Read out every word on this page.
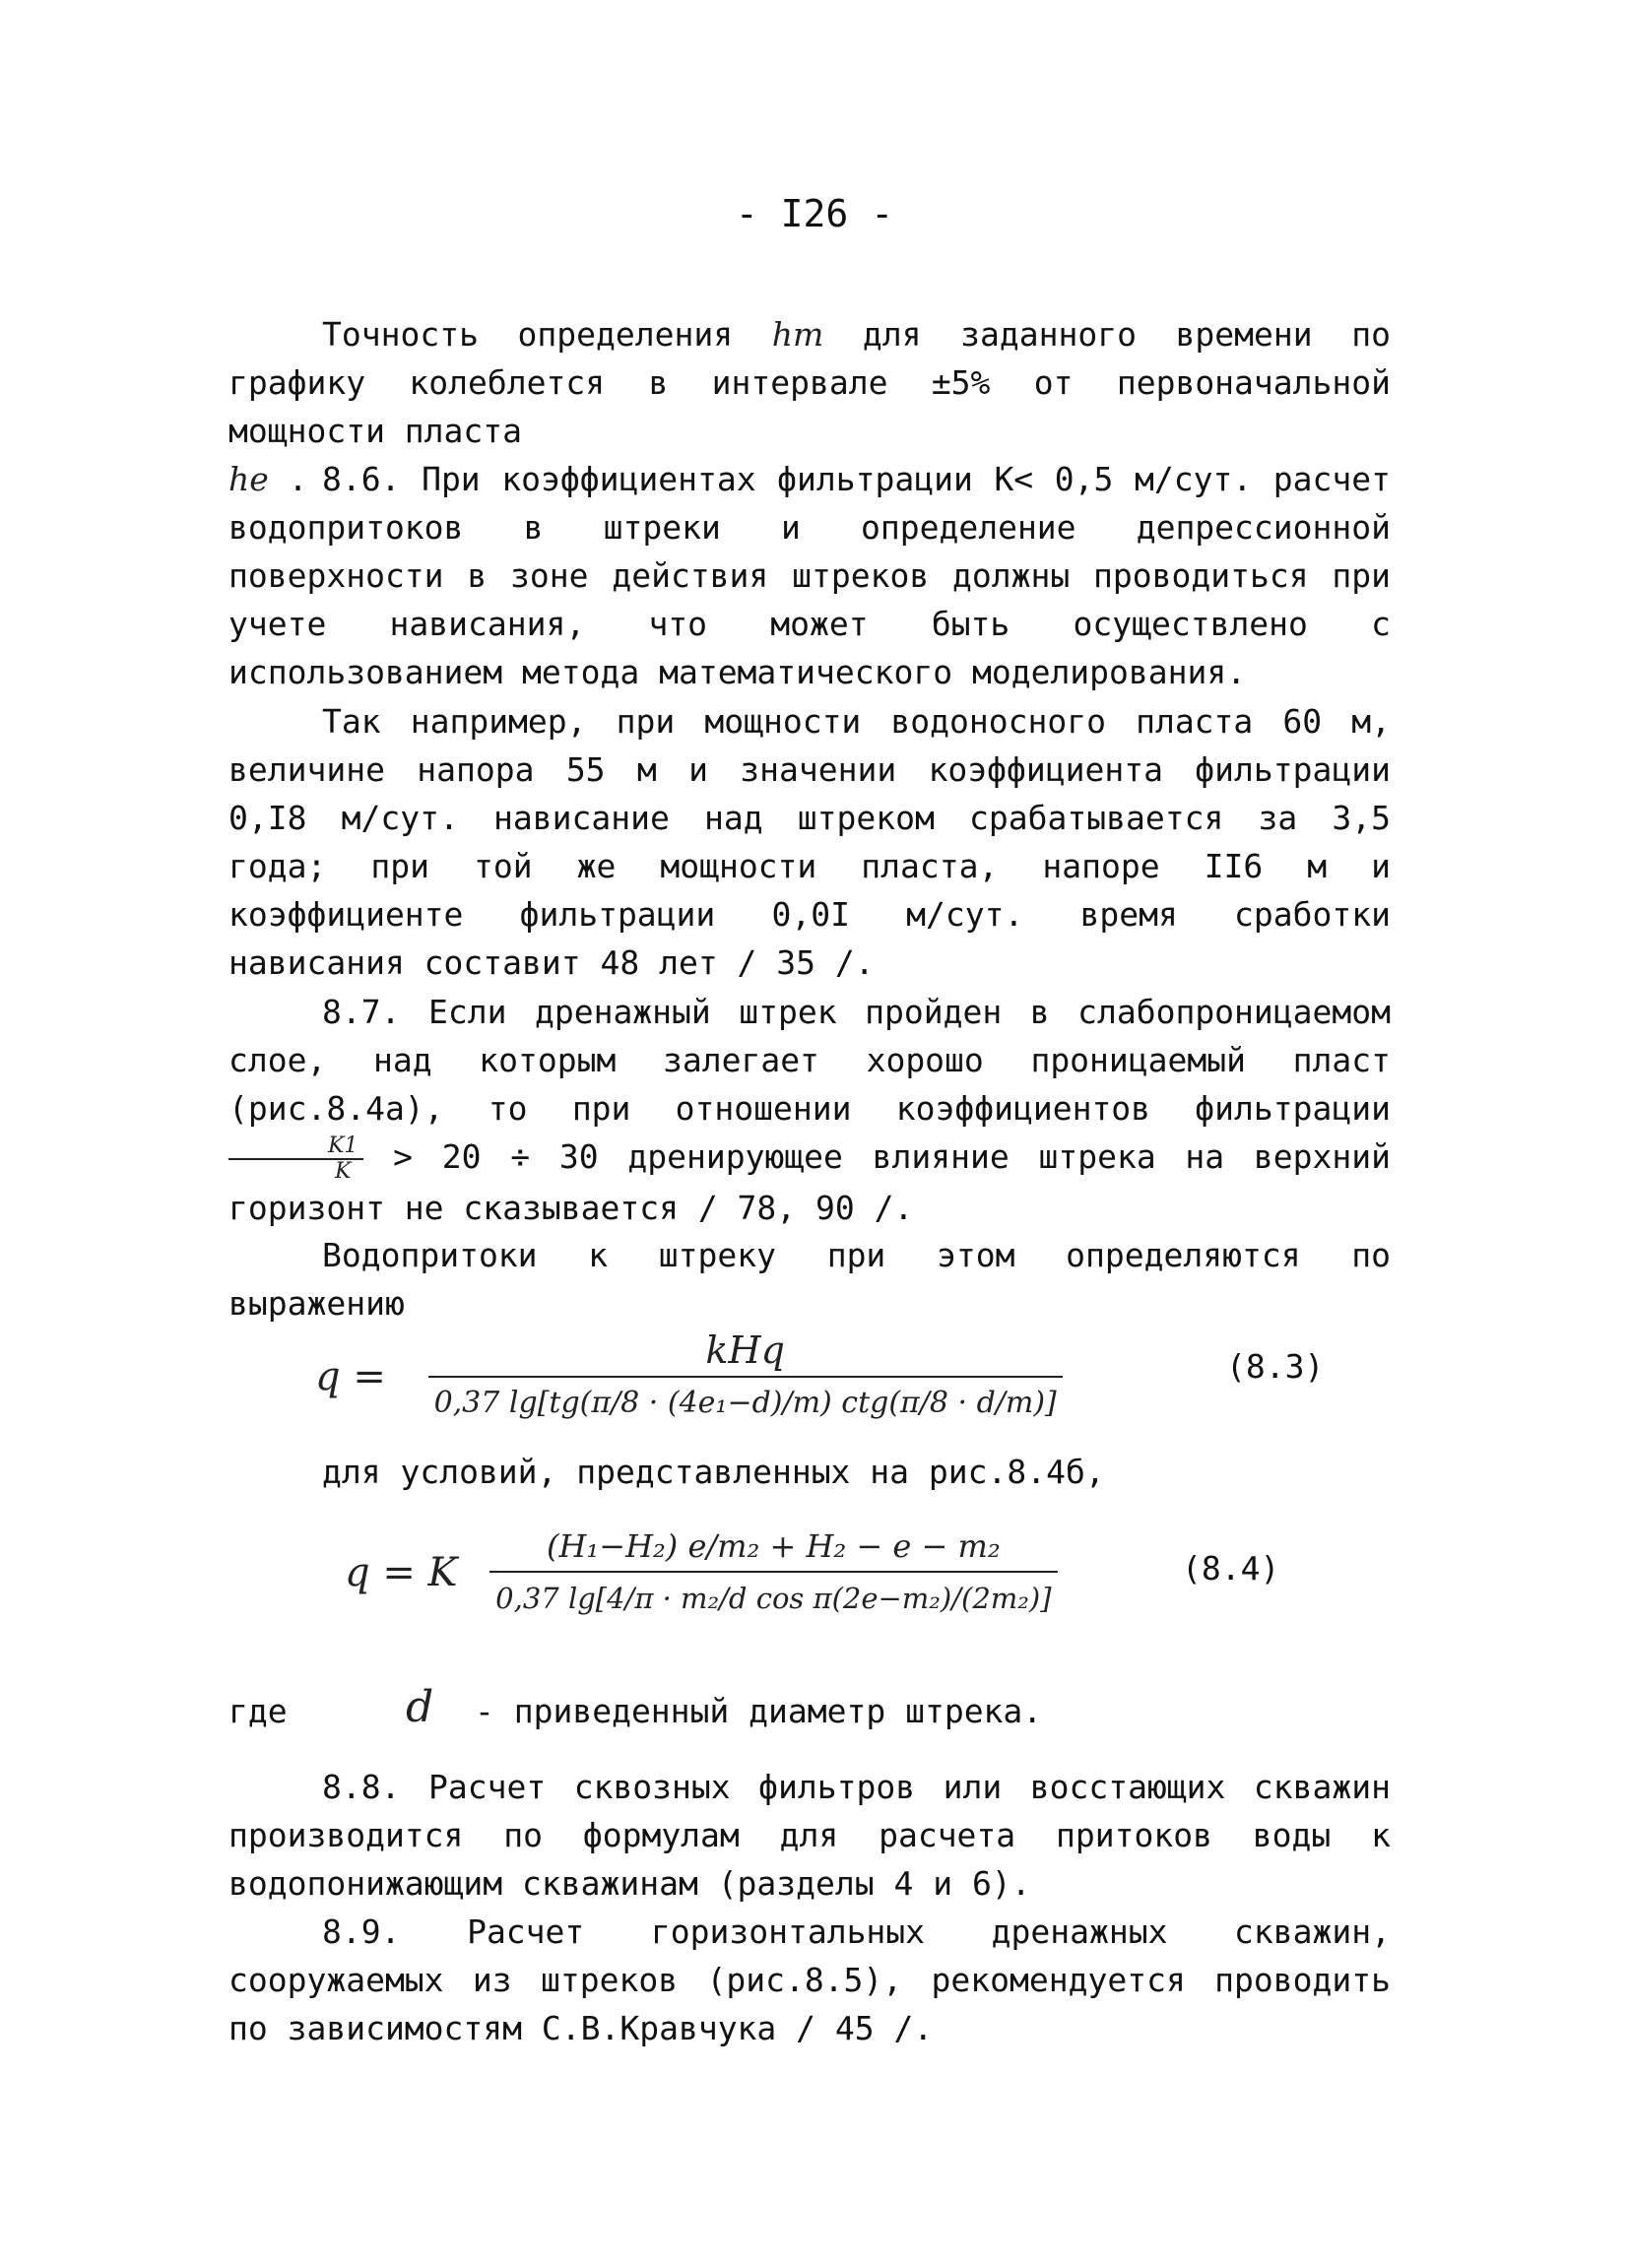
- I26 -
Точность определения hт для заданного времени по графику колеблется в интервале ±5% от первоначальной мощности пласта
he . 8.6. При коэффициентах фильтрации K< 0,5 м/сут. расчет водопритоков в штреки и определение депрессионной поверхности в зоне действия штреков должны проводиться при учете нависания, что может быть осуществлено с использованием метода математического моделирования.
Так например, при мощности водоносного пласта 60 м, величине напора 55 м и значении коэффициента фильтрации 0,I8 м/сут. нависание над штреком срабатывается за 3,5 года; при той же мощности пласта, напоре II6 м и коэффициенте фильтрации 0,0I м/сут. время сработки нависания составит 48 лет / 35 /.
8.7. Если дренажный штрек пройден в слабопроницаемом слое, над которым залегает хорошо проницаемый пласт (рис.8.4а), то при отношении коэффициентов фильтрации
$\frac{K1}{K} > 20 \div 30$ дренирующее влияние штрека на верхний горизонт не сказывается / 78, 90 /.
Водопритоки к штреку при этом определяются по выражению
$q = \frac{\text{kHq}}{\text{0,37 lg[tg(π/8 · (4e₁−d)/m) ctg(π/8 · d/m)]}}$	(8.3)
для условий, представленных на рис.8.4б,
q = K $\frac{\text{(H₁−H₂) e/m₂ + H₂ − e − m₂}}{\text{0,37 lg[4/π · m₂/d cos π(2e−m₂)/(2m₂)]}}$	(8.4)
где	d - приведенный диаметр штрека.
8.8. Расчет сквозных фильтров или восстающих скважин производится по формулам для расчета притоков воды к водопонижающим скважинам (разделы 4 и 6).
8.9. Расчет горизонтальных дренажных скважин, сооружаемых из штреков (рис.8.5), рекомендуется проводить по зависимостям С.В.Кравчука / 45 /.
